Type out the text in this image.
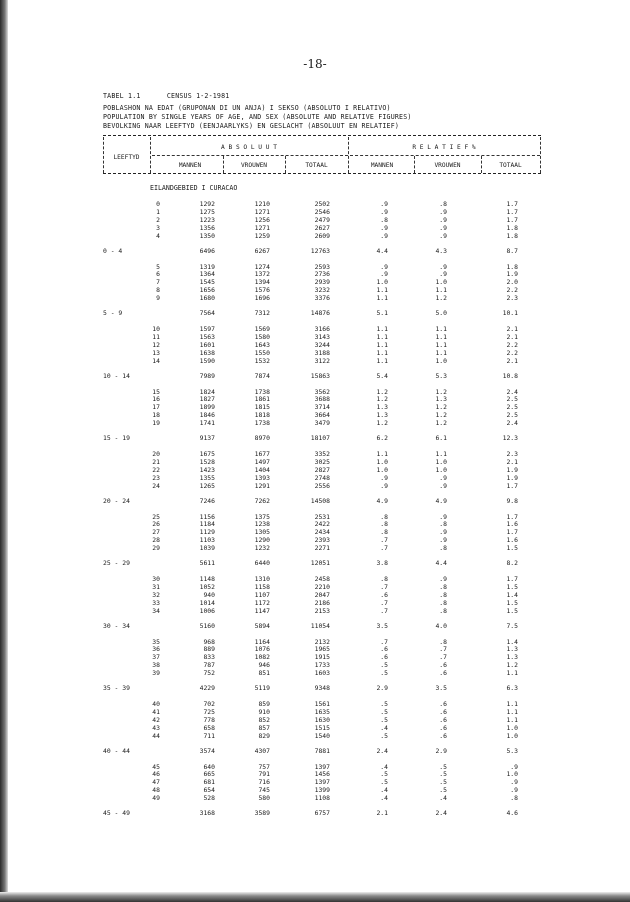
-18-
TABEL 1.1	CENSUS 1-2-1981
POBLASHON NA EDAT (GRUPONAN DI UN ANJA) I SEKSO (ABSOLUTO I RELATIVO)
POPULATION BY SINGLE YEARS OF AGE, AND SEX (ABSOLUTE AND RELATIVE FIGURES)
BEVOLKING NAAR LEEFTYD (EENJAARLYKS) EN GESLACHT (ABSOLUUT EN RELATIEF)
A B S O L U U T	R E L A T I E F %
LEEFTYD
MANNEN	VROUWEN	TOTAAL	MANNEN	VROUWEN	TOTAAL
EILANDGEBIED I CURACAO
0	1292	1210	2502	.9	.8	1.7
1	1275	1271	2546	.9	.9	1.7
2	1223	1256	2479	.8	.9	1.7
3	1356	1271	2627	.9	.9	1.8
4	1350	1259	2609	.9	.9	1.8
0 - 4	6496	6267	12763	4.4	4.3	8.7
5	1319	1274	2593	.9	.9	1.8
6	1364	1372	2736	.9	.9	1.9
7	1545	1394	2939	1.0	1.0	2.0
8	1656	1576	3232	1.1	1.1	2.2
9	1680	1696	3376	1.1	1.2	2.3
5 - 9	7564	7312	14876	5.1	5.0	10.1
10	1597	1569	3166	1.1	1.1	2.1
11	1563	1580	3143	1.1	1.1	2.1
12	1601	1643	3244	1.1	1.1	2.2
13	1638	1550	3188	1.1	1.1	2.2
14	1590	1532	3122	1.1	1.0	2.1
10 - 14	7989	7874	15863	5.4	5.3	10.8
15	1824	1738	3562	1.2	1.2	2.4
16	1827	1861	3688	1.2	1.3	2.5
17	1899	1815	3714	1.3	1.2	2.5
18	1846	1818	3664	1.3	1.2	2.5
19	1741	1738	3479	1.2	1.2	2.4
15 - 19	9137	8970	18107	6.2	6.1	12.3
20	1675	1677	3352	1.1	1.1	2.3
21	1528	1497	3025	1.0	1.0	2.1
22	1423	1404	2827	1.0	1.0	1.9
23	1355	1393	2748	.9	.9	1.9
24	1265	1291	2556	.9	.9	1.7
20 - 24	7246	7262	14508	4.9	4.9	9.8
25	1156	1375	2531	.8	.9	1.7
26	1184	1238	2422	.8	.8	1.6
27	1129	1305	2434	.8	.9	1.7
28	1103	1290	2393	.7	.9	1.6
29	1039	1232	2271	.7	.8	1.5
25 - 29	5611	6440	12051	3.8	4.4	8.2
30	1148	1310	2458	.8	.9	1.7
31	1052	1158	2210	.7	.8	1.5
32	940	1107	2047	.6	.8	1.4
33	1014	1172	2186	.7	.8	1.5
34	1006	1147	2153	.7	.8	1.5
30 - 34	5160	5894	11054	3.5	4.0	7.5
35	968	1164	2132	.7	.8	1.4
36	889	1076	1965	.6	.7	1.3
37	833	1082	1915	.6	.7	1.3
38	787	946	1733	.5	.6	1.2
39	752	851	1603	.5	.6	1.1
35 - 39	4229	5119	9348	2.9	3.5	6.3
40	702	859	1561	.5	.6	1.1
41	725	910	1635	.5	.6	1.1
42	778	852	1630	.5	.6	1.1
43	658	857	1515	.4	.6	1.0
44	711	829	1540	.5	.6	1.0
40 - 44	3574	4307	7881	2.4	2.9	5.3
45	640	757	1397	.4	.5	.9
46	665	791	1456	.5	.5	1.0
47	681	716	1397	.5	.5	.9
48	654	745	1399	.4	.5	.9
49	528	580	1108	.4	.4	.8
45 - 49	3168	3589	6757	2.1	2.4	4.6
